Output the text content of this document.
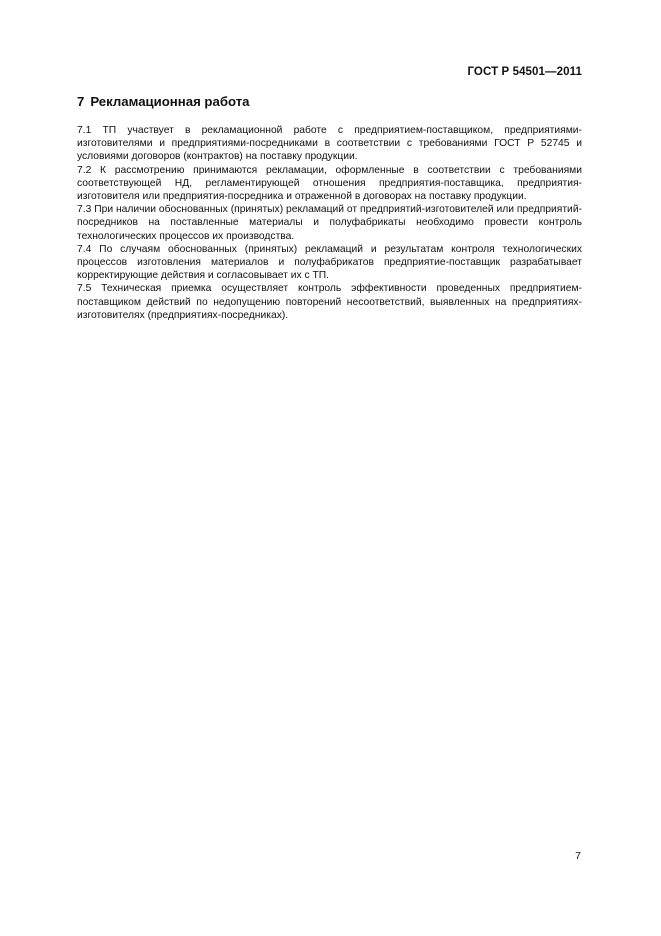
ГОСТ Р 54501—2011
7 Рекламационная работа

7.1 ТП участвует в рекламационной работе с предприятием-поставщиком, предприятиями-изготовителями и предприятиями-посредниками в соответствии с требованиями ГОСТ Р 52745 и условиями договоров (контрактов) на поставку продукции.

7.2 К рассмотрению принимаются рекламации, оформленные в соответствии с требованиями соответствующей НД, регламентирующей отношения предприятия-поставщика, предприятия-изготовителя или предприятия-посредника и отраженной в договорах на поставку продукции.

7.3 При наличии обоснованных (принятых) рекламаций от предприятий-изготовителей или предприятий-посредников на поставленные материалы и полуфабрикаты необходимо провести контроль технологических процессов их производства.

7.4 По случаям обоснованных (принятых) рекламаций и результатам контроля технологических процессов изготовления материалов и полуфабрикатов предприятие-поставщик разрабатывает корректирующие действия и согласовывает их с ТП.

7.5 Техническая приемка осуществляет контроль эффективности проведенных предприятием-поставщиком действий по недопущению повторений несоответствий, выявленных на предприятиях-изготовителях (предприятиях-посредниках).

7
